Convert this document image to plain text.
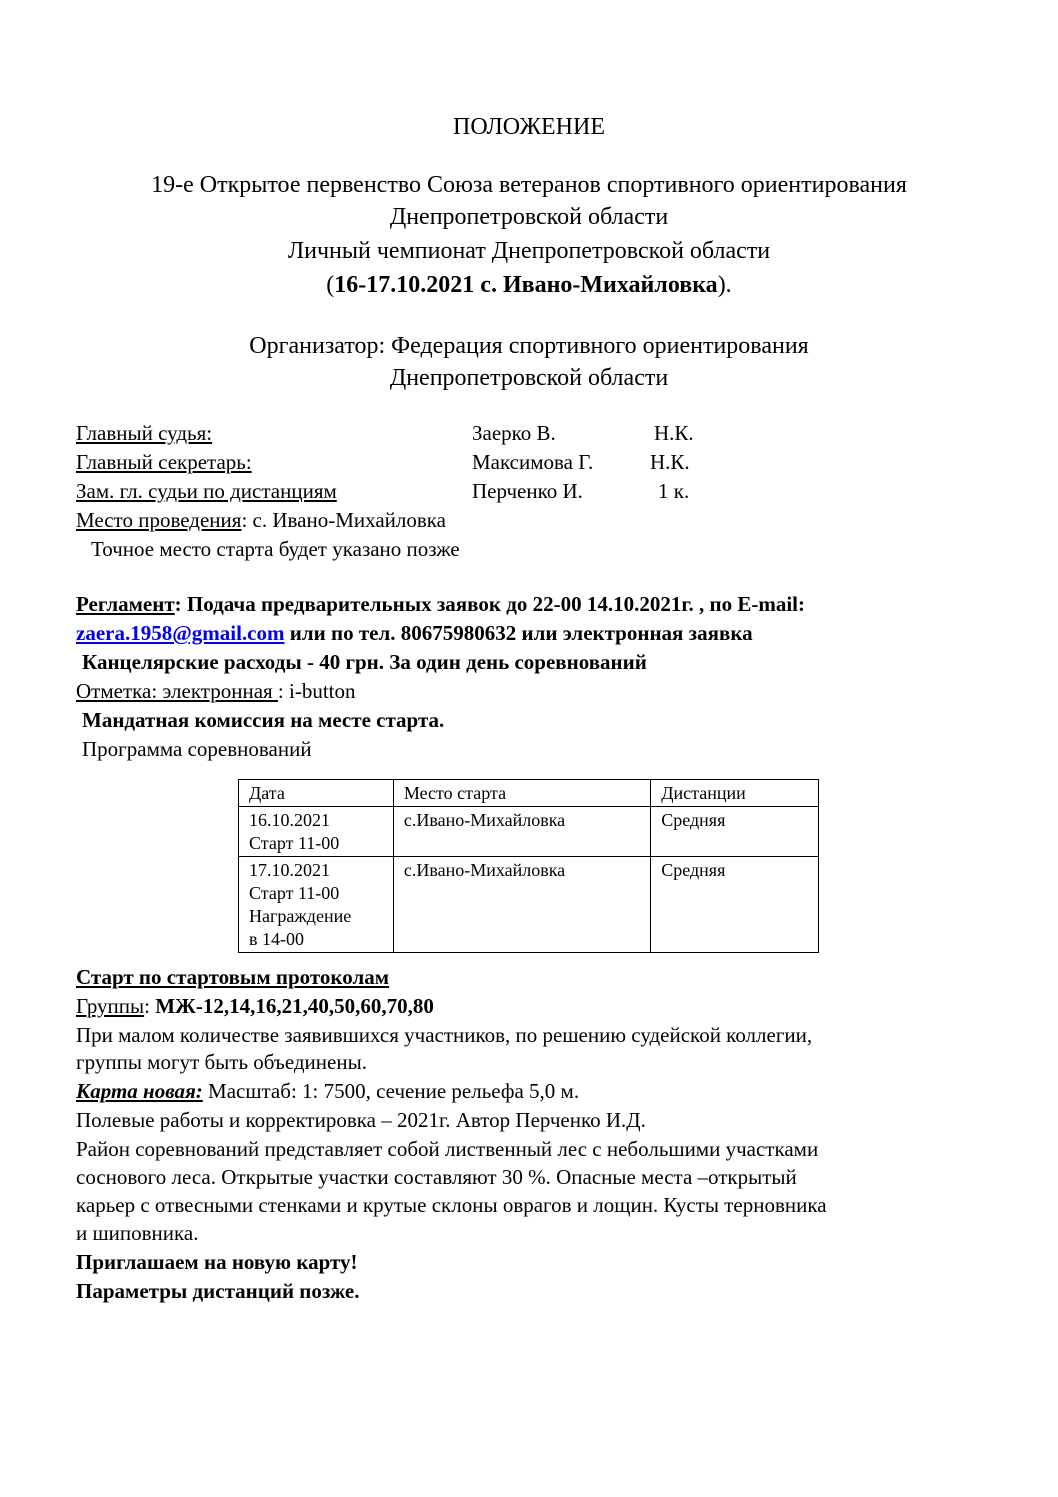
ПОЛОЖЕНИЕ
19-е Открытое первенство Союза ветеранов спортивного ориентирования
Днепропетровской области
Личный чемпионат Днепропетровской области
(16-17.10.2021 с. Ивано-Михайловка).
Организатор: Федерация спортивного ориентирования
Днепропетровской области
Главный судья:	Заерко В.	Н.К.
Главный секретарь:	Максимова Г.	Н.К.
Зам. гл. судьи по дистанциям	Перченко И.	1 к.
Место проведения: с. Ивано-Михайловка
Точное место старта будет указано позже
Регламент: Подача предварительных заявок до 22-00 14.10.2021г. , по E-mail:
zaera.1958@gmail.com или по тел. 80675980632 или электронная заявка
Канцелярские расходы - 40 грн. За один день соревнований
Отметка: электронная : i-button
Мандатная комиссия на месте старта.
Программа соревнований
Дата	Место старта	Дистанции

16.10.2021
Старт 11-00	с.Ивано-Михайловка	Средняя

17.10.2021
Старт 11-00
Награждение
в 14-00	с.Ивано-Михайловка	Средняя
Старт по стартовым протоколам
Группы: МЖ-12,14,16,21,40,50,60,70,80
При малом количестве заявившихся участников, по решению судейской коллегии,
группы могут быть объединены.
Карта новая: Масштаб: 1: 7500, сечение рельефа 5,0 м.
Полевые работы и корректировка – 2021г. Автор Перченко И.Д.
Район соревнований представляет собой лиственный лес с небольшими участками
соснового леса. Открытые участки составляют 30 %. Опасные места –открытый
карьер с отвесными стенками и крутые склоны оврагов и лощин. Кусты терновника
и шиповника.
Приглашаем на новую карту!
Параметры дистанций позже.
